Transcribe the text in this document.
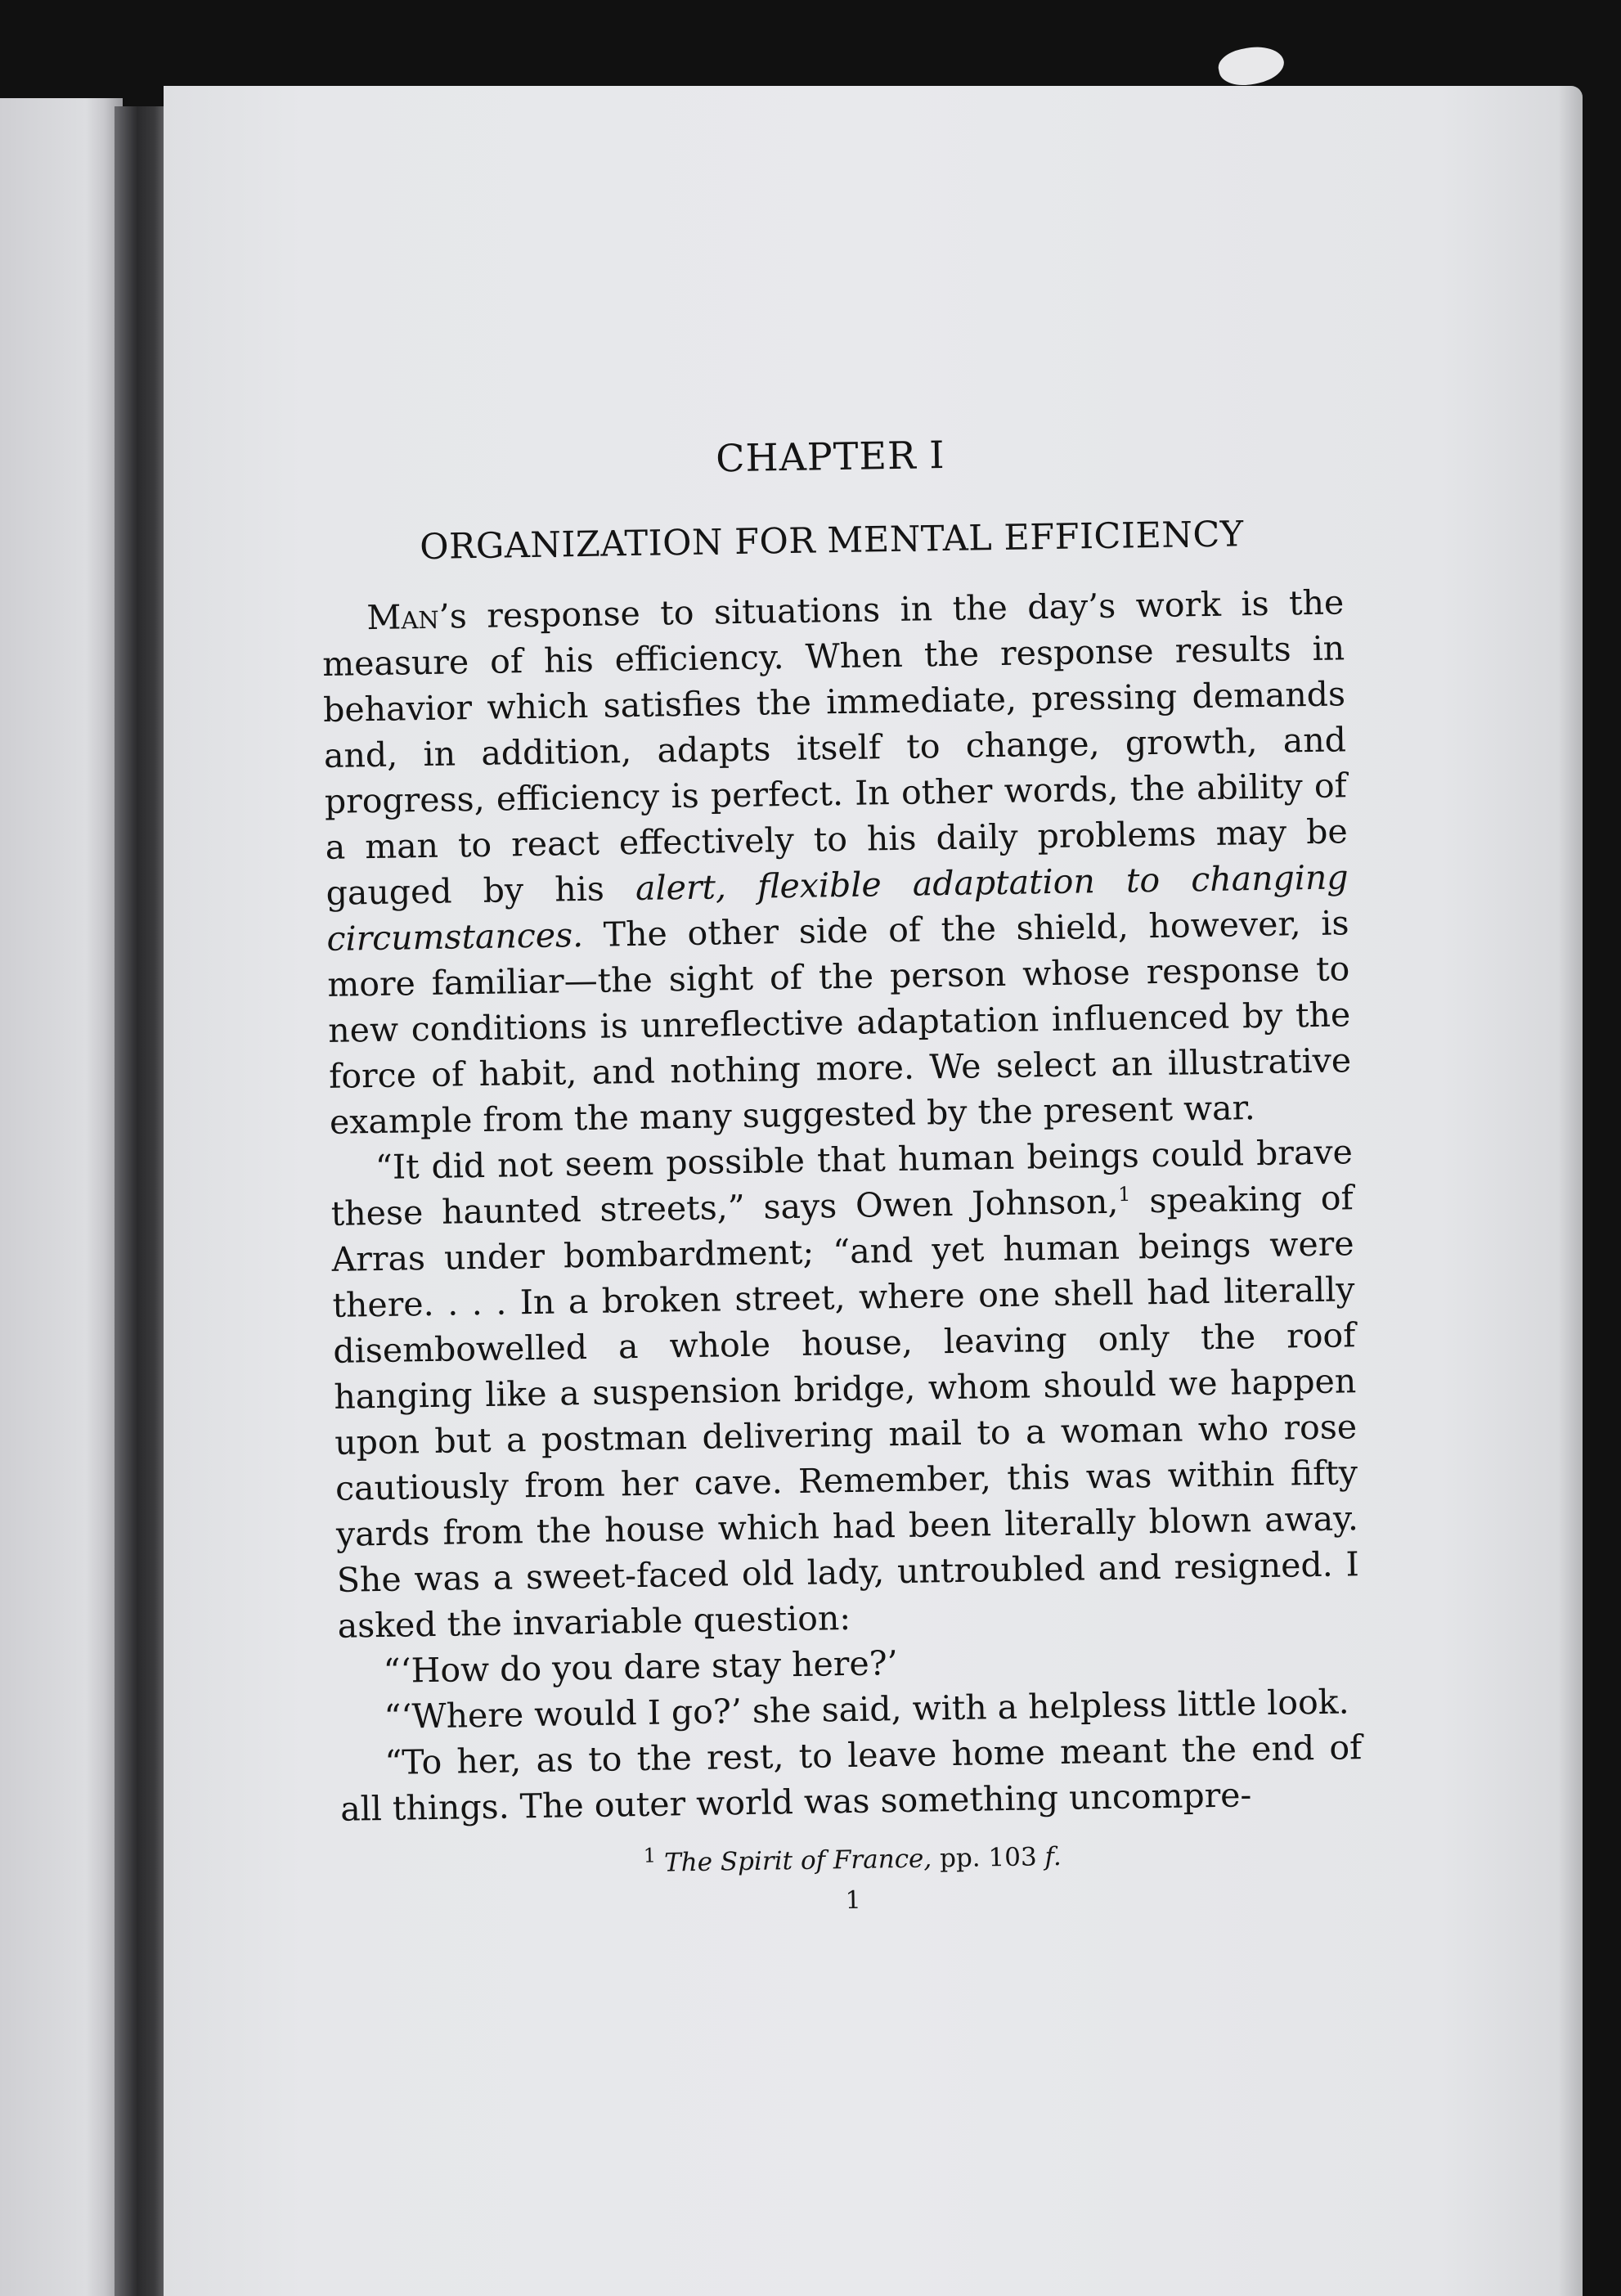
CHAPTER I
ORGANIZATION FOR MENTAL EFFICIENCY

Man’s response to situations in the day’s work is the measure of his efficiency. When the response results in behavior which satisfies the immediate, pressing demands and, in addition, adapts itself to change, growth, and progress, efficiency is perfect. In other words, the ability of a man to react effectively to his daily problems may be gauged by his alert, flexible adaptation to changing circumstances. The other side of the shield, however, is more familiar—the sight of the person whose response to new conditions is unreflective adaptation influenced by the force of habit, and nothing more. We select an illustrative example from the many suggested by the present war.

“It did not seem possible that human beings could brave these haunted streets,” says Owen Johnson,$^1$ speaking of Arras under bombardment; “and yet human beings were there. . . . In a broken street, where one shell had literally disembowelled a whole house, leaving only the roof hanging like a suspension bridge, whom should we happen upon but a postman delivering mail to a woman who rose cautiously from her cave. Remember, this was within fifty yards from the house which had been literally blown away. She was a sweet-faced old lady, untroubled and resigned. I asked the invariable question:

“‘How do you dare stay here?’

“‘Where would I go?’ she said, with a helpless little look.

“To her, as to the rest, to leave home meant the end of all things. The outer world was something uncompre-

$^1$ The Spirit of France, pp. 103 f.
1
